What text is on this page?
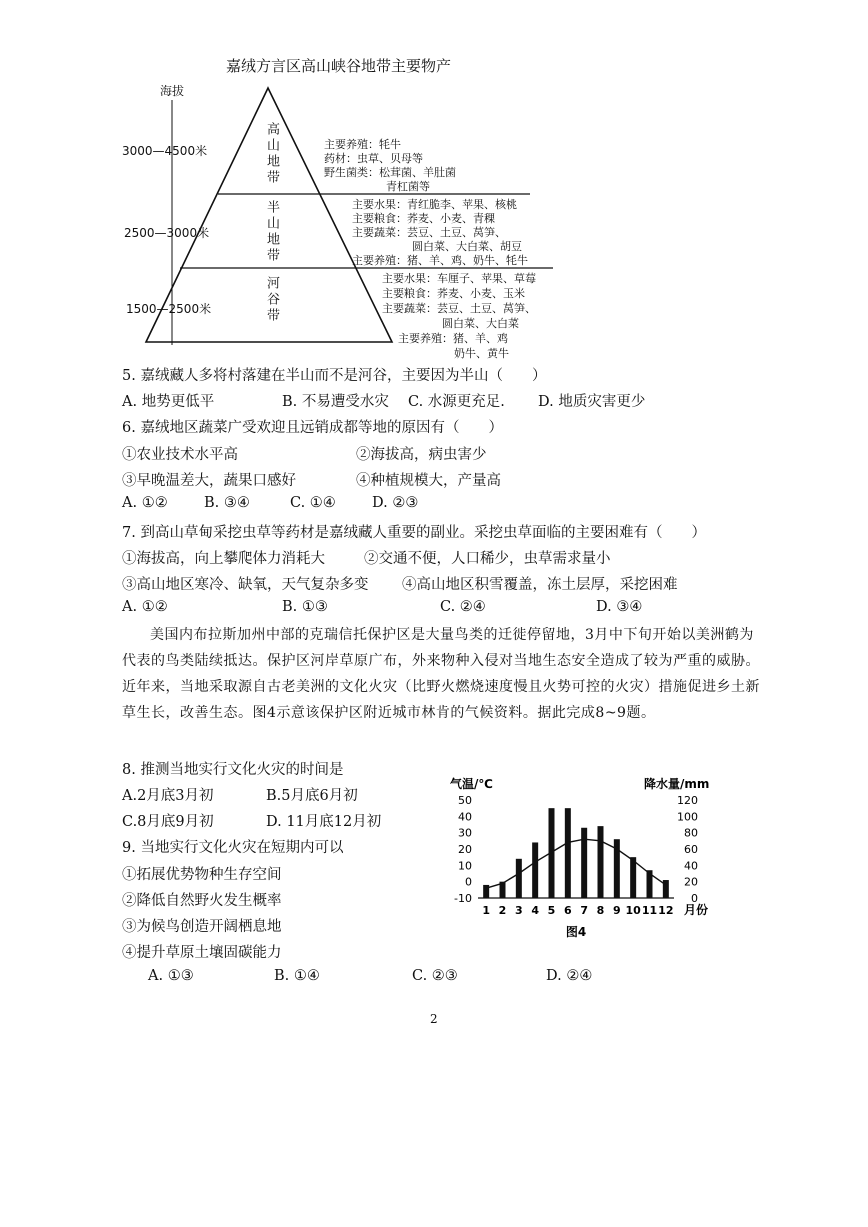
嘉绒方言区高山峡谷地带主要物产
海拔
3000—4500米
2500—3000米
1500—2500米
高山地带
半山地带
河谷带
主要养殖：牦牛
药材：虫草、贝母等
野生菌类：松茸菌、羊肚菌
青杠菌等
主要水果：青红脆李、苹果、核桃
主要粮食：荞麦、小麦、青稞
主要蔬菜：芸豆、土豆、莴笋、
圆白菜、大白菜、胡豆
主要养殖：猪、羊、鸡、奶牛、牦牛
主要水果：车厘子、苹果、草莓
主要粮食：荞麦、小麦、玉米
主要蔬菜：芸豆、土豆、莴笋、
圆白菜、大白菜
主要养殖：猪、羊、鸡
奶牛、黄牛
5. 嘉绒藏人多将村落建在半山而不是河谷，主要因为半山（　　）
A. 地势更低平	B. 不易遭受水灾 C. 水源更充足. D. 地质灾害更少
6. 嘉绒地区蔬菜广受欢迎且远销成都等地的原因有（　　）
①农业技术水平高	②海拔高，病虫害少
③早晚温差大，蔬果口感好	④种植规模大，产量高
A. ①②	B. ③④	C. ①④ D. ②③
7. 到高山草甸采挖虫草等药材是嘉绒藏人重要的副业。采挖虫草面临的主要困难有（　　）
①海拔高，向上攀爬体力消耗大	②交通不便，人口稀少，虫草需求量小
③高山地区寒冷、缺氧，天气复杂多变 ④高山地区积雪覆盖，冻土层厚，采挖困难
A. ①②	B. ①③	C. ②④	D. ③④
美国内布拉斯加州中部的克瑞信托保护区是大量鸟类的迁徙停留地，3月中下旬开始以美洲鹤为代表的鸟类陆续抵达。保护区河岸草原广布，外来物种入侵对当地生态安全造成了较为严重的威胁。近年来，当地采取源自古老美洲的文化火灾（比野火燃烧速度慢且火势可控的火灾）措施促进乡土新草生长，改善生态。图4示意该保护区附近城市林肯的气候资料。据此完成8~9题。
8. 推测当地实行文化火灾的时间是
A.2月底3月初	B.5月底6月初
C.8月底9月初	D. 11月底12月初
9. 当地实行文化火灾在短期内可以
①拓展优势物种生存空间
②降低自然野火发生概率
③为候鸟创造开阔栖息地
④提升草原土壤固碳能力
A. ①③	B. ①④	C. ②③	D. ②④
气温/℃	降水量/mm
50
40
30
20
10
0
-10
120
100
80
60
40
20
0
1 2 3 4 5 6 7 8 9 10 11 12 月份
图4
2
